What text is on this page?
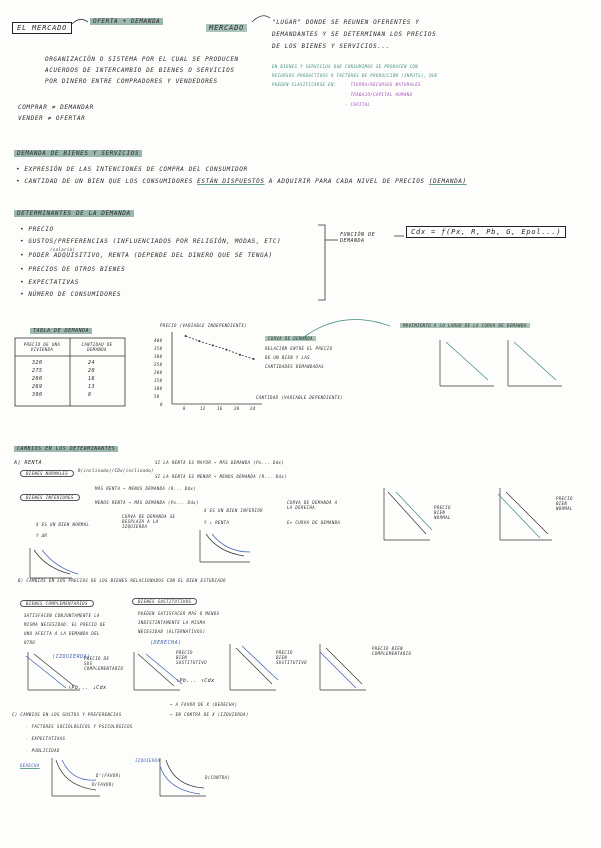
EL MERCADO
OFERTA + DEMANDA
ORGANIZACIÓN O SISTEMA POR EL CUAL SE PRODUCEN
ACUERDOS DE INTERCAMBIO DE BIENES O SERVICIOS
POR DINERO ENTRE COMPRADORES Y VENDEDORES
COMPRAR ≠ DEMANDAR
VENDER ≠ OFERTAR
MERCADO
"LUGAR" DONDE SE REUNEN OFERENTES Y
DEMANDANTES Y SE DETERMINAN LOS PRECIOS
DE LOS BIENES Y SERVICIOS...
EN BIENES Y SERVICIOS QUE CONSUMIMOS SE PRODUCEN CON
RECURSOS PRODUCTIVOS O FACTORES DE PRODUCCIÓN (INPUTS), QUE
PUEDEN CLASIFICARSE EN: - TIERRA/RECURSOS NATURALES
- TRABAJO/CAPITAL HUMANO
- CAPITAL
DEMANDA DE BIENES Y SERVICIOS
• EXPRESIÓN DE LAS INTENCIONES DE COMPRA DEL CONSUMIDOR
• CANTIDAD DE UN BIEN QUE LOS CONSUMIDORES ESTÁN DISPUESTOS A ADQUIRIR PARA CADA NIVEL DE PRECIOS (DEMANDA)
DETERMINANTES DE LA DEMANDA
• PRECIO
• GUSTOS/PREFERENCIAS (INFLUENCIADOS POR RELIGIÓN, MODAS, ETC)
(salario)
• PODER ADQUISITIVO, RENTA (DEPENDE DEL DINERO QUE SE TENGA)
• PRECIOS DE OTROS BIENES
• EXPECTATIVAS
• NÚMERO DE CONSUMIDORES
FUNCIÓN DE DEMANDA
Cdx = ƒ(Px, R, Pb, G, Epol...)
TABLA DE DEMANDA
PRECIO DE UNA VIVIENDA
CANTIDAD DE DEMANDA
320	24
275	20
200	16
269	13
390	8
PRECIO (VARIABLE INDEPENDIENTE)
400
350
300
250
200
150
100
50
0
8	12	16	20	24
CANTIDAD (VARIABLE DEPENDIENTE)
CURVA DE DEMANDA
RELACIÓN ENTRE EL PRECIO
DE UN BIEN Y LAS
CANTIDADES DEMANDADAS
MOVIMIENTO A LO LARGO DE LA CURVA DE DEMANDA
CAMBIOS EN LOS DETERMINANTES
A) RENTA
BIENES NORMALES
R(inclinado)/CDx(inclinado)
SI LA RENTA ES MAYOR → MÁS DEMANDA (Px... Ddx)
SI LA RENTA ES MENOR → MENOS DEMANDA (R... Ddx)
BIENES INFERIORES
MÁS RENTA → MENOS DEMANDA (R... Ddx)
MENOS RENTA → MÁS DEMANDA (Px... Ddx)
X ES UN BIEN NORMAL
Y ΔR
CURVA DE DEMANDA SE DESPLAZA A LA IZQUIERDA
X ES UN BIEN INFERIOR
Y ↓ RENTA
CURVA DE DEMANDA A LA DERECHA
E+ CURVA DE DEMANDA
PRECIO BIEN NORMAL
PRECIO BIEN NORMAL
B) CAMBIOS EN LOS PRECIOS DE LOS BIENES RELACIONADOS CON EL BIEN ESTUDIADO
BIENES COMPLEMENTARIOS
SATISFACEN CONJUNTAMENTE LA
MISMA NECESIDAD. EL PRECIO DE
UNO AFECTA A LA DEMANDA DEL
OTRO
BIENES SUSTITUTIVOS
PUEDEN SATISFACER MÁS O MENOS
INDISTINTAMENTE LA MISMA
NECESIDAD (ALTERNATIVOS)
(IZQUIERDA)
(DERECHA)
↑Pb... ↓Cdx
↑Pb... ↑Cdx
PRECIO DE SUS COMPLEMENTARIO
PRECIO BIEN SUSTITUTIVO
PRECIO BIEN SUSTITUTIVO
PRECIO BIEN COMPLEMENTARIO
C) CAMBIOS EN LOS GUSTOS Y PREFERENCIAS
→ A FAVOR DE X (DERECHA)
→ EN CONTRA DE X (IZQUIERDA)
- FACTORES SOCIOLÓGICOS Y PSICOLÓGICOS
- EXPECTATIVAS
- PUBLICIDAD
DERECHA
IZQUIERDA
D'(FAVOR)
D(FAVOR)
D(CONTRA)
